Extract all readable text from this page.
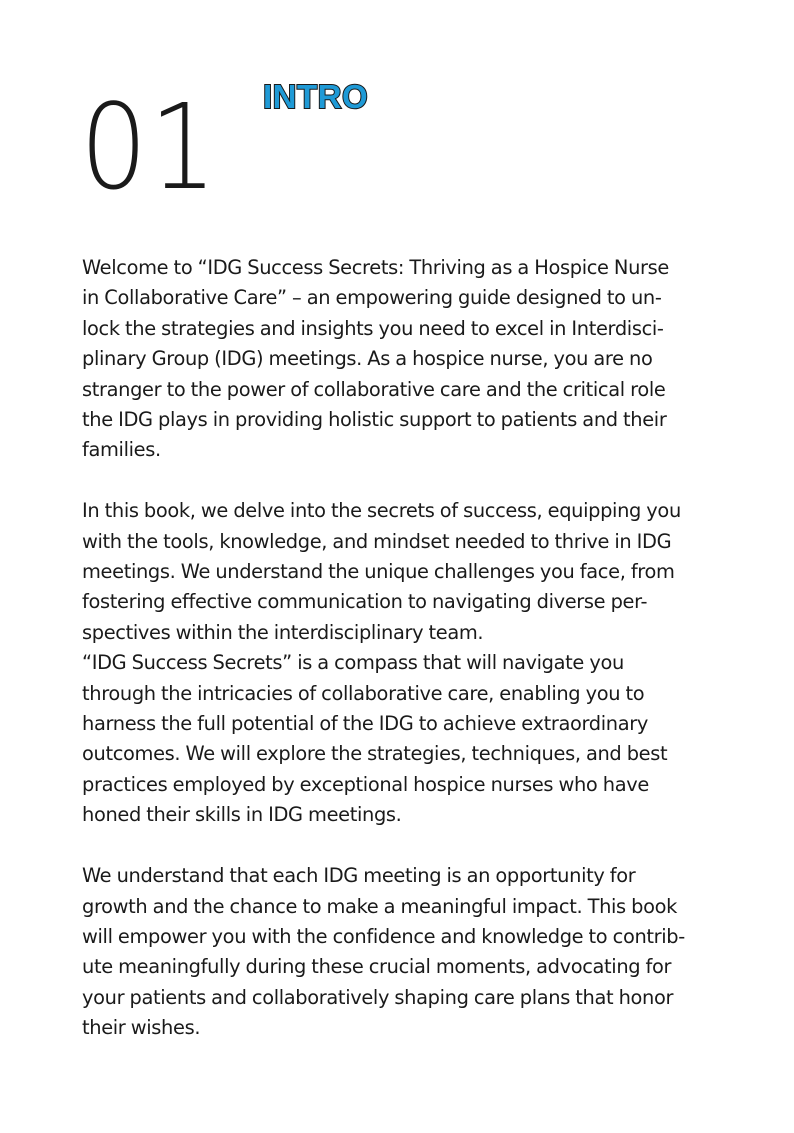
01 INTRO

Welcome to “IDG Success Secrets: Thriving as a Hospice Nurse
in Collaborative Care” – an empowering guide designed to un-
lock the strategies and insights you need to excel in Interdisci-
plinary Group (IDG) meetings. As a hospice nurse, you are no
stranger to the power of collaborative care and the critical role
the IDG plays in providing holistic support to patients and their
families.

In this book, we delve into the secrets of success, equipping you
with the tools, knowledge, and mindset needed to thrive in IDG
meetings. We understand the unique challenges you face, from
fostering effective communication to navigating diverse per-
spectives within the interdisciplinary team.

“IDG Success Secrets” is a compass that will navigate you
through the intricacies of collaborative care, enabling you to
harness the full potential of the IDG to achieve extraordinary
outcomes. We will explore the strategies, techniques, and best
practices employed by exceptional hospice nurses who have
honed their skills in IDG meetings.

We understand that each IDG meeting is an opportunity for
growth and the chance to make a meaningful impact. This book
will empower you with the confidence and knowledge to contrib-
ute meaningfully during these crucial moments, advocating for
your patients and collaboratively shaping care plans that honor
their wishes.
